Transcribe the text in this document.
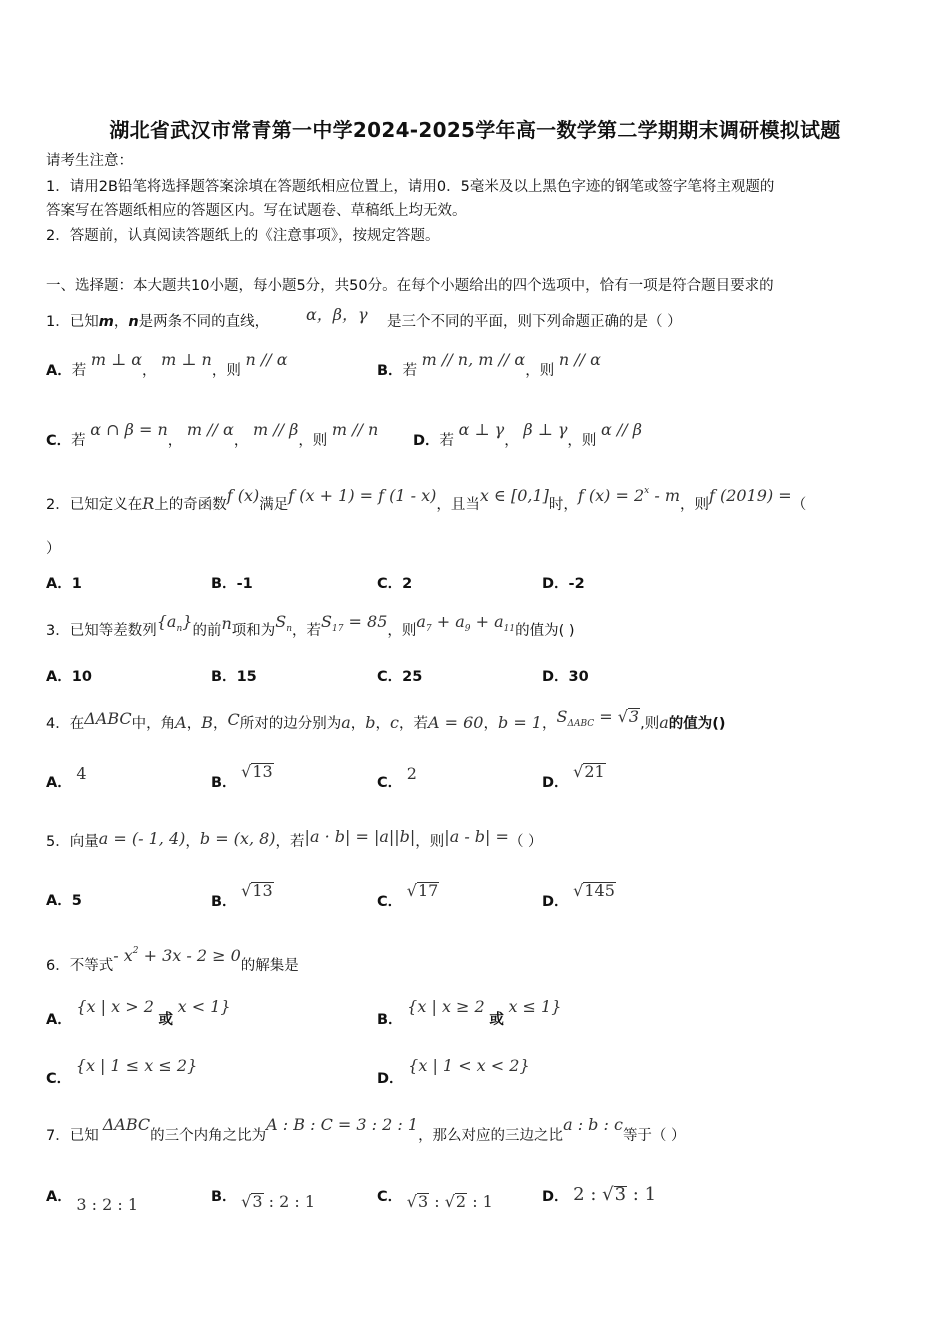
湖北省武汉市常青第一中学2024-2025学年高一数学第二学期期末调研模拟试题
请考生注意：
1．请用2B铅笔将选择题答案涂填在答题纸相应位置上，请用0．5毫米及以上黑色字迹的钢笔或签字笔将主观题的
答案写在答题纸相应的答题区内。写在试题卷、草稿纸上均无效。
2．答题前，认真阅读答题纸上的《注意事项》，按规定答题。
一、选择题：本大题共10小题，每小题5分，共50分。在每个小题给出的四个选项中，恰有一项是符合题目要求的
1．已知m，n是两条不同的直线， α，β，γ 是三个不同的平面，则下列命题正确的是（ ）
A．若 m ⊥ α， m ⊥ n，则 n // α
B．若 m // n, m // α，则 n // α
C．若 α ∩ β = n， m // α， m // β，则 m // n
D．若 α ⊥ γ， β ⊥ γ，则 α // β
2．已知定义在R上的奇函数f (x)满足f (x + 1) = f (1 - x)，且当x ∈ [0,1]时，f $(x) = 2^x - m$，则f (2019) =（
）
A．1	B．-1	C．2	D．-2
3．已知等差数列$\{a_n\}$的前n项和为$S_n$，若$S_{17} = 85$，则$a_7 + a_9 + a_{11}$的值为( )
A．10	B．15	C．25	D．30
4．在ΔABC中，角A，B，C所对的边分别为a，b，c，若A = 60，b = 1，$S_{\Delta ABC} = √3$,则a的值为()
A． 4	B． √13
C． 2	D． √21
5．向量a = (- 1, 4)，b = (x, 8)，若|a · b| = |a||b|，则|a - b| =（ ）
A．5	B． √13
C． √17
D． √145
6．不等式- $x^2 + 3x - 2 \ge 0$的解集是
A． {x | x > 2 或 x < 1}
B． {x | x ≥ 2 或 x ≤ 1}
C． {x | 1 ≤ x ≤ 2}
D． {x | 1 < x < 2}
7．已知ΔABC的三个内角之比为A : B : C = 3 : 2 : 1，那么对应的三边之比a : b : c等于（ ）
A． 3 : 2 : 1	B． √3 : 2 : 1	C． √3 : √2 : 1	D． 2 : √3 : 1
